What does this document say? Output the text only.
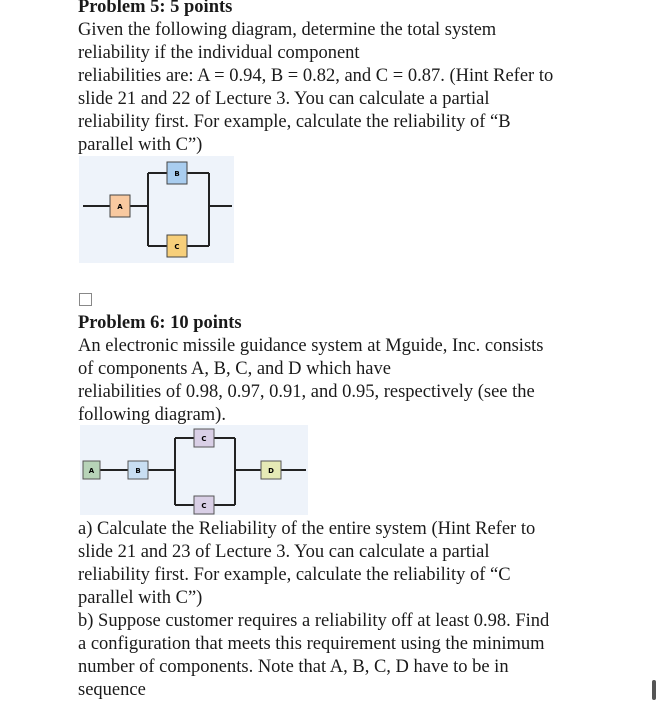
Problem 5: 5 points
Given the following diagram, determine the total system
reliability if the individual component
reliabilities are: A = 0.94, B = 0.82, and C = 0.87. (Hint Refer to
slide 21 and 22 of Lecture 3. You can calculate a partial
reliability first. For example, calculate the reliability of “B
parallel with C”)
Problem 6: 10 points
An electronic missile guidance system at Mguide, Inc. consists
of components A, B, C, and D which have
reliabilities of 0.98, 0.97, 0.91, and 0.95, respectively (see the
following diagram).
a) Calculate the Reliability of the entire system (Hint Refer to
slide 21 and 23 of Lecture 3. You can calculate a partial
reliability first. For example, calculate the reliability of “C
parallel with C”)
b) Suppose customer requires a reliability off at least 0.98. Find
a configuration that meets this requirement using the minimum
number of components. Note that A, B, C, D have to be in
sequence
A
B
C
A	B
C
C
D
